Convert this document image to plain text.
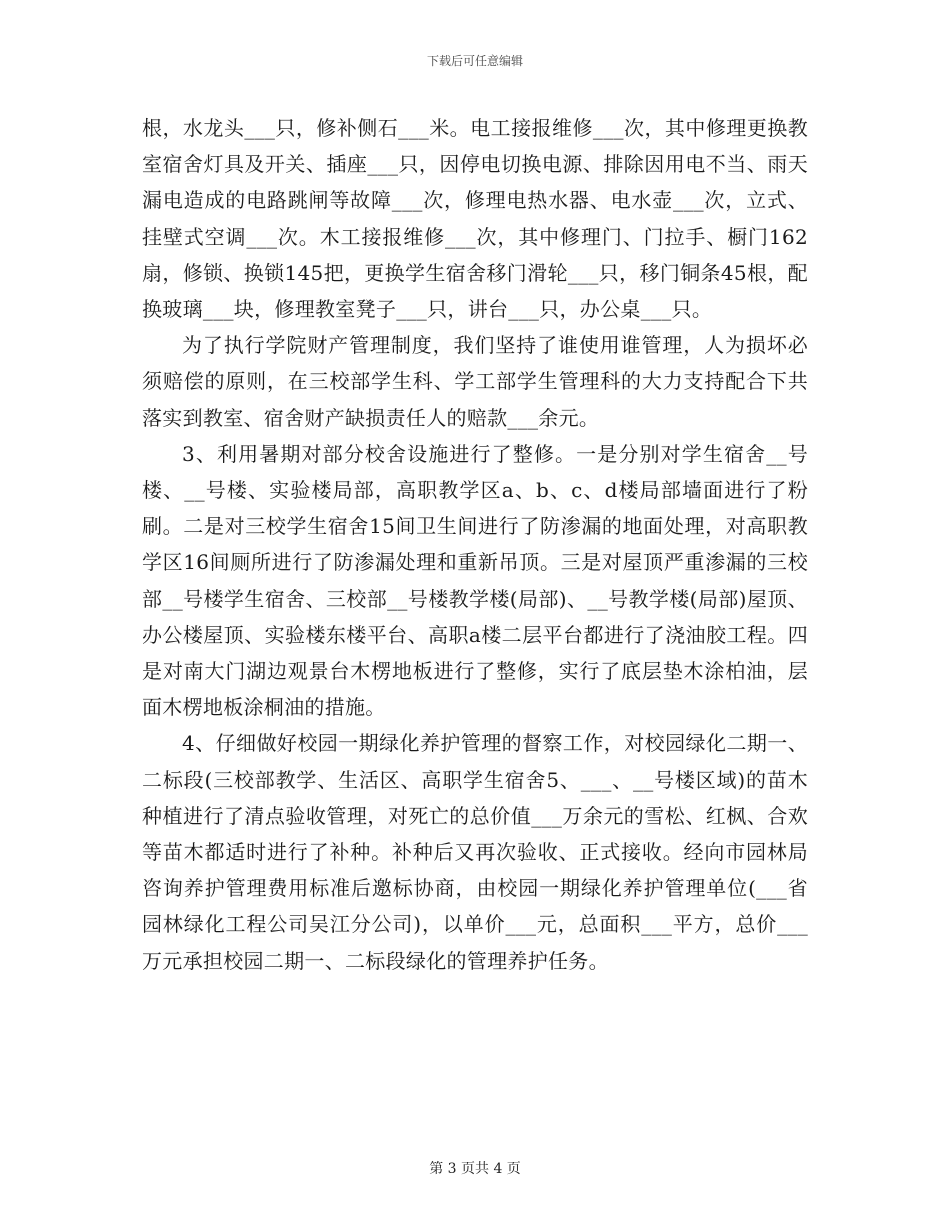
下载后可任意编辑

根，水龙头___只，修补侧石___米。电工接报维修___次，其中修理更换教室宿舍灯具及开关、插座___只，因停电切换电源、排除因用电不当、雨天漏电造成的电路跳闸等故障___次，修理电热水器、电水壶___次，立式、挂壁式空调___次。木工接报维修___次，其中修理门、门拉手、橱门162扇，修锁、换锁145把，更换学生宿舍移门滑轮___只，移门铜条45根，配换玻璃___块，修理教室凳子___只，讲台___只，办公桌___只。

为了执行学院财产管理制度，我们坚持了谁使用谁管理，人为损坏必须赔偿的原则，在三校部学生科、学工部学生管理科的大力支持配合下共落实到教室、宿舍财产缺损责任人的赔款___余元。

3、利用暑期对部分校舍设施进行了整修。一是分别对学生宿舍__号楼、__号楼、实验楼局部，高职教学区a、b、c、d楼局部墙面进行了粉刷。二是对三校学生宿舍15间卫生间进行了防渗漏的地面处理，对高职教学区16间厕所进行了防渗漏处理和重新吊顶。三是对屋顶严重渗漏的三校部__号楼学生宿舍、三校部__号楼教学楼(局部)、__号教学楼(局部)屋顶、办公楼屋顶、实验楼东楼平台、高职a楼二层平台都进行了浇油胶工程。四是对南大门湖边观景台木楞地板进行了整修，实行了底层垫木涂柏油，层面木楞地板涂桐油的措施。

4、仔细做好校园一期绿化养护管理的督察工作，对校园绿化二期一、二标段(三校部教学、生活区、高职学生宿舍5、___、__号楼区域)的苗木种植进行了清点验收管理，对死亡的总价值___万余元的雪松、红枫、合欢等苗木都适时进行了补种。补种后又再次验收、正式接收。经向市园林局咨询养护管理费用标准后邀标协商，由校园一期绿化养护管理单位(___省园林绿化工程公司吴江分公司)，以单价___元，总面积___平方，总价___万元承担校园二期一、二标段绿化的管理养护任务。

第 3 页共 4 页
